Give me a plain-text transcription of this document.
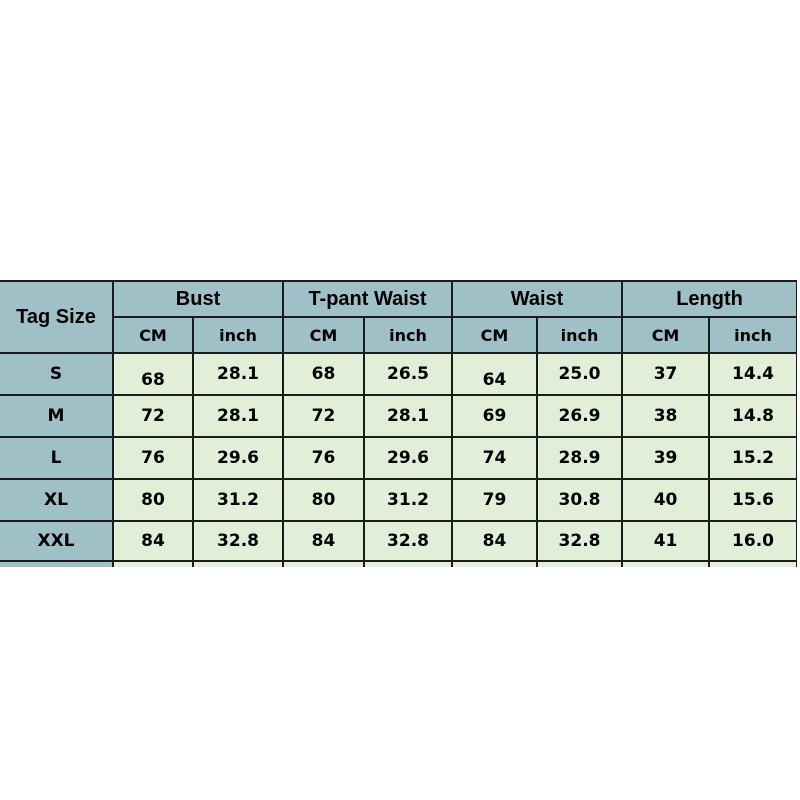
Tag Size	Bust		T-pant Waist		Waist		Length	
	CM	inch	CM	inch	CM	inch	CM	inch
S	68	28.1	68	26.5	64	25.0	37	14.4
M	72	28.1	72	28.1	69	26.9	38	14.8
L	76	29.6	76	29.6	74	28.9	39	15.2
XL	80	31.2	80	31.2	79	30.8	40	15.6
XXL	84	32.8	84	32.8	84	32.8	41	16.0
